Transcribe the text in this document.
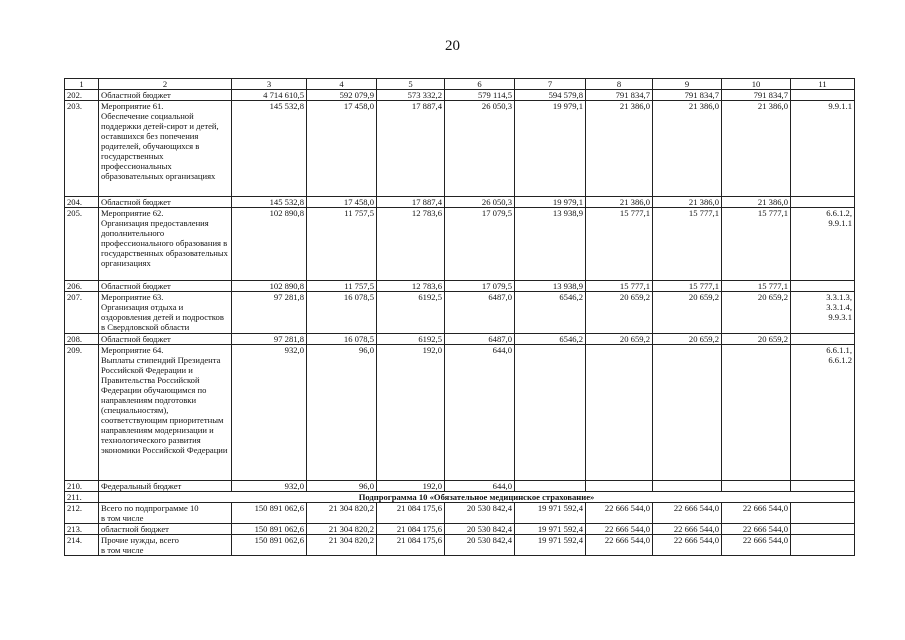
20
1	2	3	4	5	6	7	8	9	10	11
202.	Областной бюджет	4 714 610,5	592 079,9	573 332,2	579 114,5	594 579,8	791 834,7	791 834,7	791 834,7	
203.	Мероприятие 61.
Обеспечение социальной поддержки детей-сирот и детей, оставшихся без попечения родителей, обучающихся в государственных профессиональных образовательных организациях	145 532,8	17 458,0	17 887,4	26 050,3	19 979,1	21 386,0	21 386,0	21 386,0	9.9.1.1
204.	Областной бюджет	145 532,8	17 458,0	17 887,4	26 050,3	19 979,1	21 386,0	21 386,0	21 386,0	
205.	Мероприятие 62.
Организация предоставления дополнительного профессионального образования в государственных образовательных организациях	102 890,8	11 757,5	12 783,6	17 079,5	13 938,9	15 777,1	15 777,1	15 777,1	6.6.1.2,
9.9.1.1
206.	Областной бюджет	102 890,8	11 757,5	12 783,6	17 079,5	13 938,9	15 777,1	15 777,1	15 777,1	
207.	Мероприятие 63.
Организация отдыха и оздоровления детей и подростков в Свердловской области	97 281,8	16 078,5	6192,5	6487,0	6546,2	20 659,2	20 659,2	20 659,2	3.3.1.3,
3.3.1.4,
9.9.3.1
208.	Областной бюджет	97 281,8	16 078,5	6192,5	6487,0	6546,2	20 659,2	20 659,2	20 659,2	
209.	Мероприятие 64.
Выплаты стипендий Президента Российской Федерации и Правительства Российской Федерации обучающимся по направлениям подготовки (специальностям), соответствующим приоритетным направлениям модернизации и технологического развития экономики Российской Федерации	932,0	96,0	192,0	644,0					6.6.1.1,
6.6.1.2
210.	Федеральный бюджет	932,0	96,0	192,0	644,0					
211.	Подпрограмма 10 «Обязательное медицинское страхование»									
212.	Всего по подпрограмме 10
в том числе	150 891 062,6	21 304 820,2	21 084 175,6	20 530 842,4	19 971 592,4	22 666 544,0	22 666 544,0	22 666 544,0	
213.	областной бюджет	150 891 062,6	21 304 820,2	21 084 175,6	20 530 842,4	19 971 592,4	22 666 544,0	22 666 544,0	22 666 544,0	
214.	Прочие нужды, всего
в том числе	150 891 062,6	21 304 820,2	21 084 175,6	20 530 842,4	19 971 592,4	22 666 544,0	22 666 544,0	22 666 544,0	
